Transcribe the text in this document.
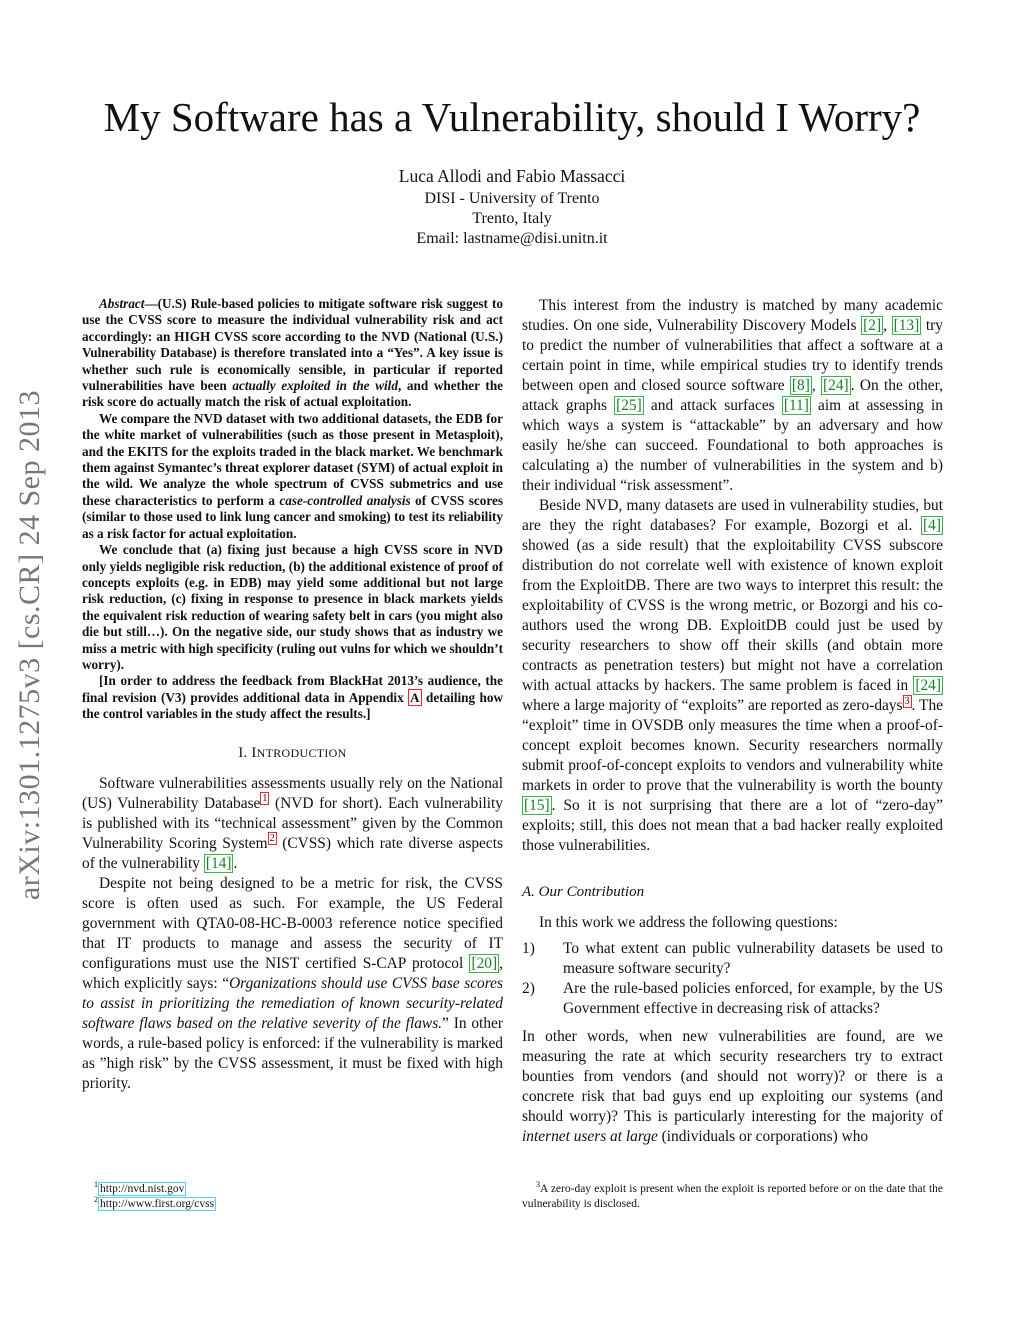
arXiv:1301.1275v3 [cs.CR] 24 Sep 2013
My Software has a Vulnerability, should I Worry?
Luca Allodi and Fabio Massacci
DISI - University of Trento
Trento, Italy
Email: lastname@disi.unitn.it

Abstract—(U.S) Rule-based policies to mitigate software risk suggest to use the CVSS score to measure the individual vulnerability risk and act accordingly: an HIGH CVSS score according to the NVD (National (U.S.) Vulnerability Database) is therefore translated into a “Yes”. A key issue is whether such rule is economically sensible, in particular if reported vulnerabilities have been actually exploited in the wild, and whether the risk score do actually match the risk of actual exploitation.

We compare the NVD dataset with two additional datasets, the EDB for the white market of vulnerabilities (such as those present in Metasploit), and the EKITS for the exploits traded in the black market. We benchmark them against Symantec’s threat explorer dataset (SYM) of actual exploit in the wild. We analyze the whole spectrum of CVSS submetrics and use these characteristics to perform a case-controlled analysis of CVSS scores (similar to those used to link lung cancer and smoking) to test its reliability as a risk factor for actual exploitation.

We conclude that (a) fixing just because a high CVSS score in NVD only yields negligible risk reduction, (b) the additional existence of proof of concepts exploits (e.g. in EDB) may yield some additional but not large risk reduction, (c) fixing in response to presence in black markets yields the equivalent risk reduction of wearing safety belt in cars (you might also die but still…). On the negative side, our study shows that as industry we miss a metric with high specificity (ruling out vulns for which we shouldn’t worry).

[In order to address the feedback from BlackHat 2013’s audience, the final revision (V3) provides additional data in Appendix A detailing how the control variables in the study affect the results.]

I. INTRODUCTION

Software vulnerabilities assessments usually rely on the National (US) Vulnerability Database $^1$ (NVD for short). Each vulnerability is published with its “technical assessment” given by the Common Vulnerability Scoring System $^2$ (CVSS) which rate diverse aspects of the vulnerability [14] .

Despite not being designed to be a metric for risk, the CVSS score is often used as such. For example, the US Federal government with QTA0-08-HC-B-0003 reference notice specified that IT products to manage and assess the security of IT configurations must use the NIST certified S-CAP protocol [20] , which explicitly says: “Organizations should use CVSS base scores to assist in prioritizing the remediation of known security-related software flaws based on the relative severity of the flaws.” In other words, a rule-based policy is enforced: if the vulnerability is marked as ”high risk” by the CVSS assessment, it must be fixed with high priority.

This interest from the industry is matched by many academic studies. On one side, Vulnerability Discovery Models [2] , [13] try to predict the number of vulnerabilities that affect a software at a certain point in time, while empirical studies try to identify trends between open and closed source software [8] , [24] . On the other, attack graphs [25] and attack surfaces [11] aim at assessing in which ways a system is “attackable” by an adversary and how easily he/she can succeed. Foundational to both approaches is calculating a) the number of vulnerabilities in the system and b) their individual “risk assessment”.

Beside NVD, many datasets are used in vulnerability studies, but are they the right databases? For example, Bozorgi et al. [4] showed (as a side result) that the exploitability CVSS subscore distribution do not correlate well with existence of known exploit from the ExploitDB. There are two ways to interpret this result: the exploitability of CVSS is the wrong metric, or Bozorgi and his co-authors used the wrong DB. ExploitDB could just be used by security researchers to show off their skills (and obtain more contracts as penetration testers) but might not have a correlation with actual attacks by hackers. The same problem is faced in [24] where a large majority of “exploits” are reported as zero-days $^3$ . The “exploit” time in OVSDB only measures the time when a proof-of-concept exploit becomes known. Security researchers normally submit proof-of-concept exploits to vendors and vulnerability white markets in order to prove that the vulnerability is worth the bounty [15] . So it is not surprising that there are a lot of “zero-day” exploits; still, this does not mean that a bad hacker really exploited those vulnerabilities.

A. Our Contribution

In this work we address the following questions:

1) To what extent can public vulnerability datasets be used to measure software security?
2) Are the rule-based policies enforced, for example, by the US Government effective in decreasing risk of attacks?

In other words, when new vulnerabilities are found, are we measuring the rate at which security researchers try to extract bounties from vendors (and should not worry)? or there is a concrete risk that bad guys end up exploiting our systems (and should worry)? This is particularly interesting for the majority of internet users at large (individuals or corporations) who

$^1$ http://nvd.nist.gov
$^2$ http://www.first.org/cvss
$^3$A zero-day exploit is present when the exploit is reported before or on the date that the vulnerability is disclosed.
